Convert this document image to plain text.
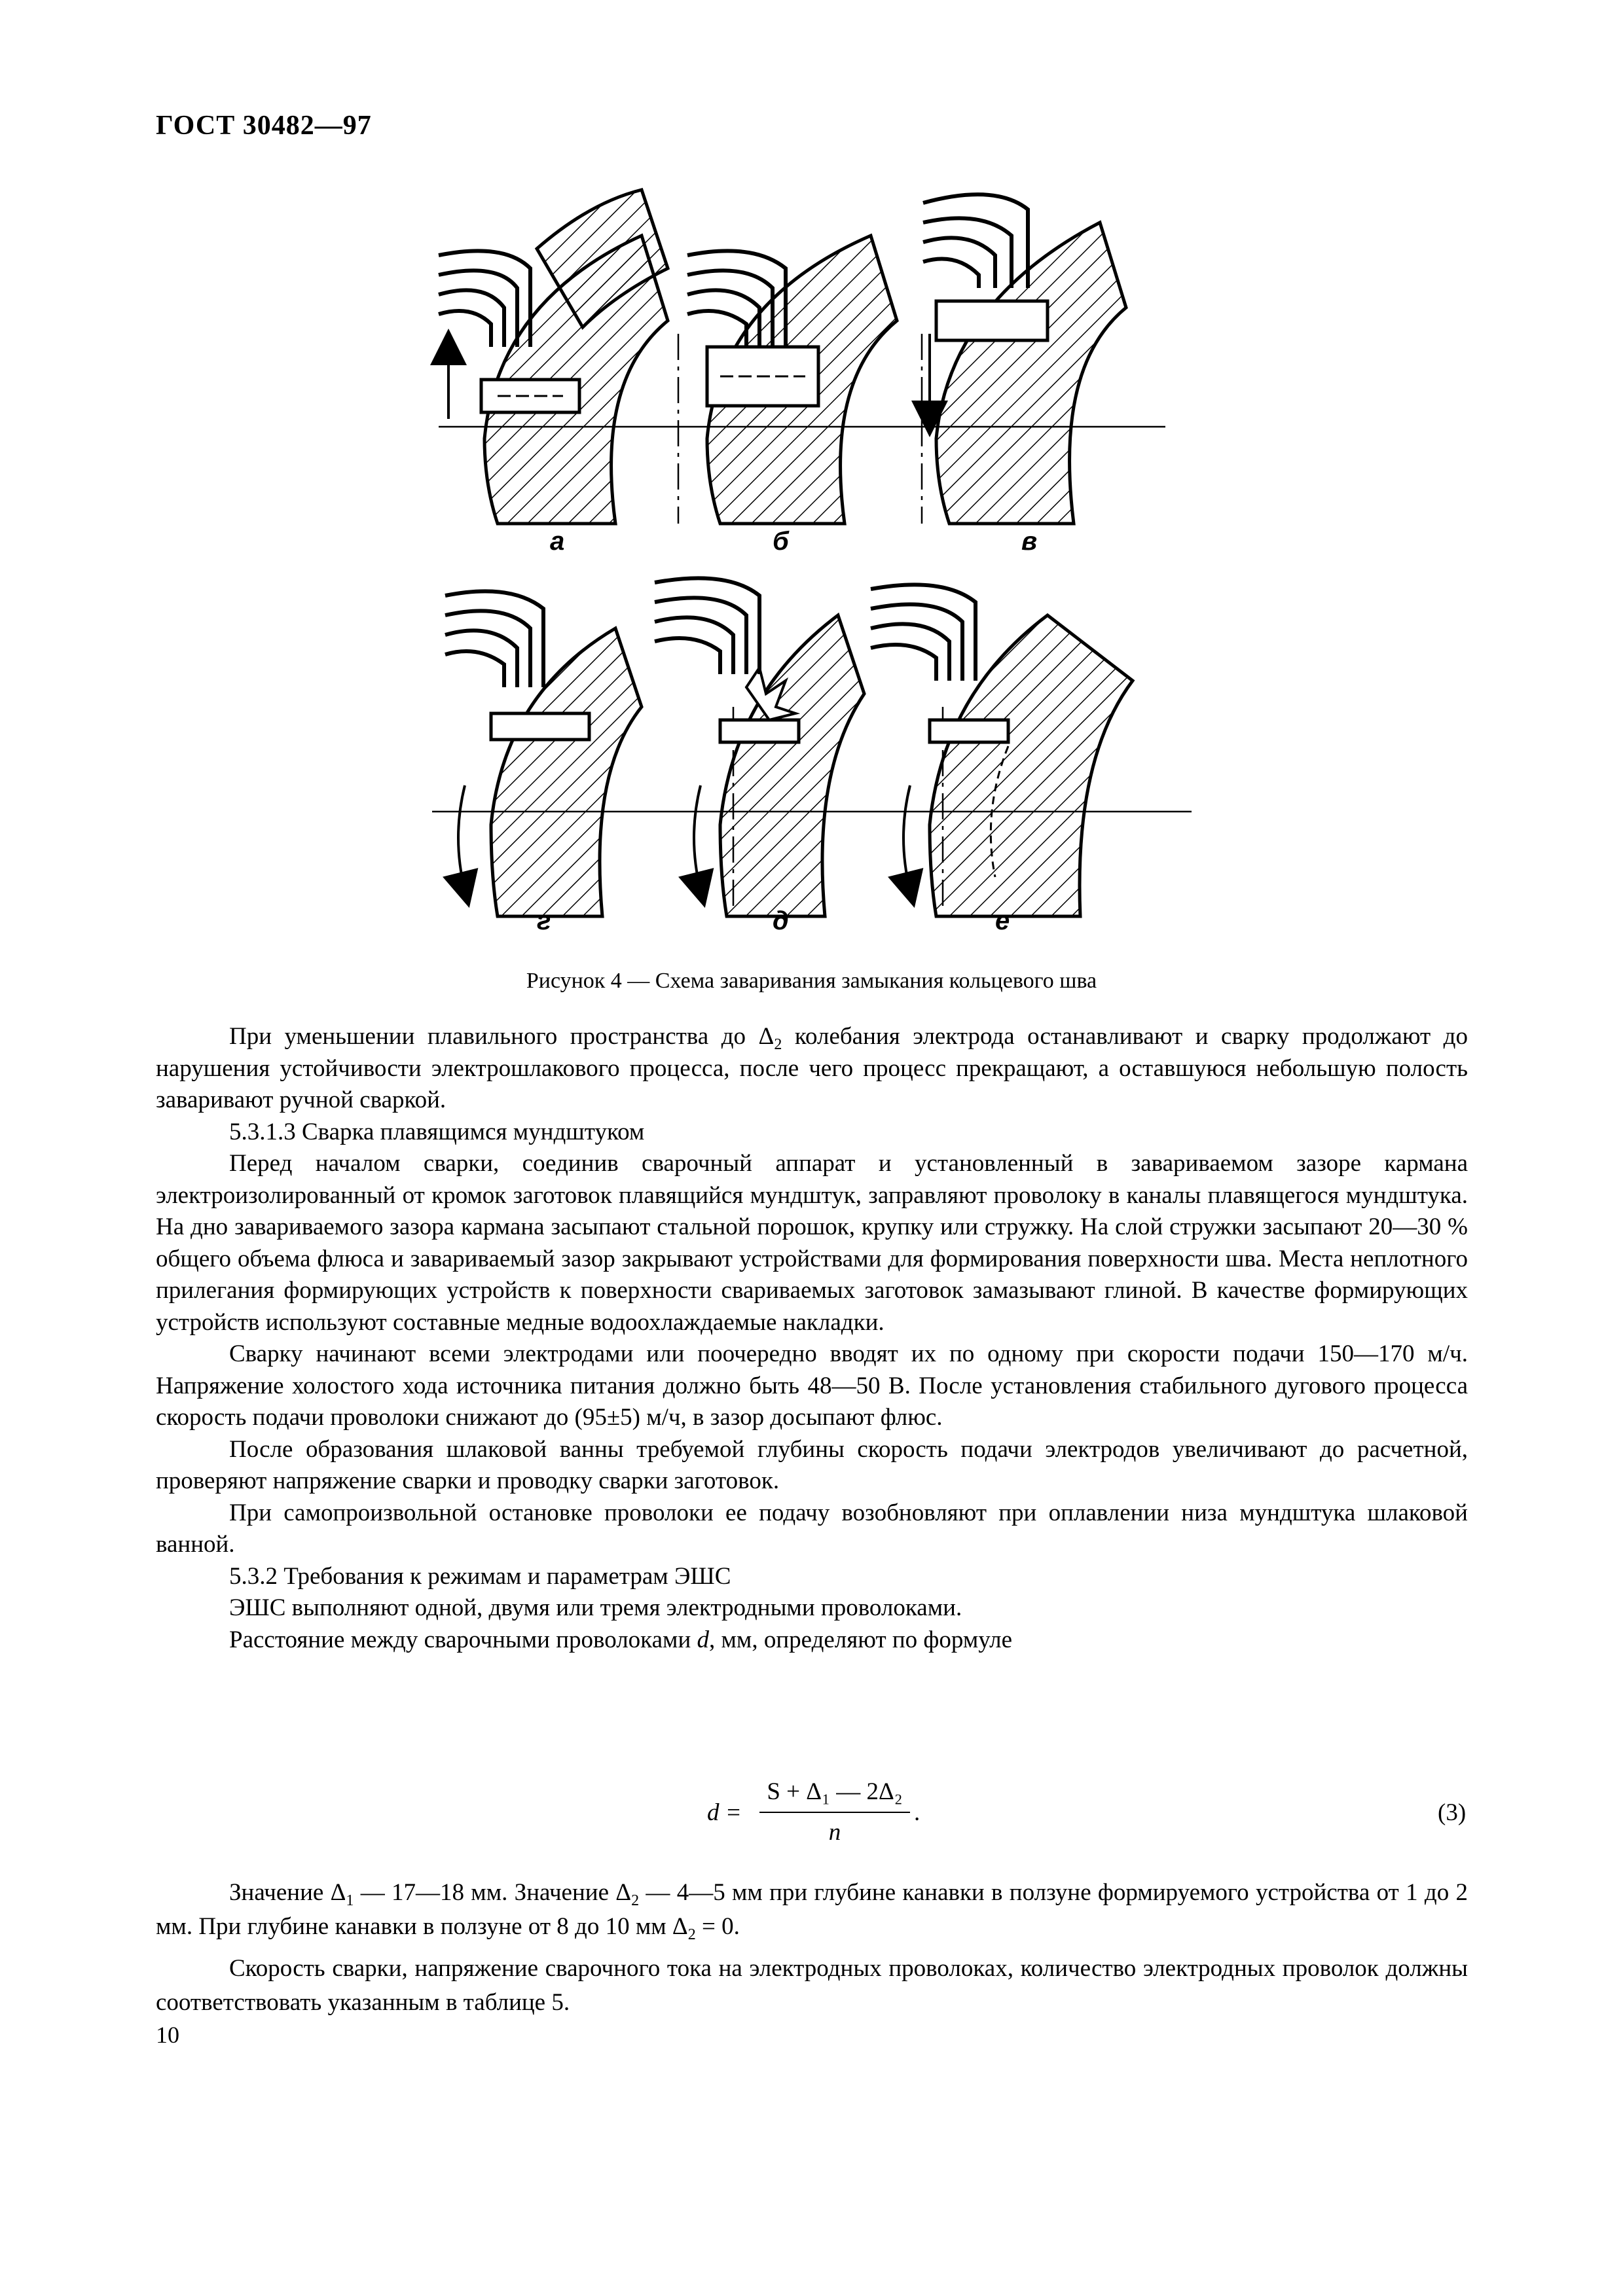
ГОСТ 30482—97
а	б	в
г	д	е
Рисунок 4 — Схема заваривания замыкания кольцевого шва

При уменьшении плавильного пространства до $\Delta_2$ колебания электрода останавливают и сварку продолжают до нарушения устойчивости электрошлакового процесса, после чего процесс прекращают, а оставшуюся небольшую полость заваривают ручной сваркой.

5.3.1.3 Сварка плавящимся мундштуком

Перед началом сварки, соединив сварочный аппарат и установленный в завариваемом зазоре кармана электроизолированный от кромок заготовок плавящийся мундштук, заправляют проволоку в каналы плавящегося мундштука. На дно завариваемого зазора кармана засыпают стальной порошок, крупку или стружку. На слой стружки засыпают 20—30 % общего объема флюса и завариваемый зазор закрывают устройствами для формирования поверхности шва. Места неплотного прилегания формирующих устройств к поверхности свариваемых заготовок замазывают глиной. В качестве формирующих устройств используют составные медные водоохлаждаемые накладки.

Сварку начинают всеми электродами или поочередно вводят их по одному при скорости подачи 150—170 м/ч. Напряжение холостого хода источника питания должно быть 48—50 В. После установления стабильного дугового процесса скорость подачи проволоки снижают до (95±5) м/ч, в зазор досыпают флюс.

После образования шлаковой ванны требуемой глубины скорость подачи электродов увеличивают до расчетной, проверяют напряжение сварки и проводку сварки заготовок.

При самопроизвольной остановке проволоки ее подачу возобновляют при оплавлении низа мундштука шлаковой ванной.

5.3.2 Требования к режимам и параметрам ЭШС

ЭШС выполняют одной, двумя или тремя электродными проволоками.

Расстояние между сварочными проволоками d, мм, определяют по формуле

d =
S + Δ₁ — 2Δ₂
n
.	(3)

Значение $\Delta_1$ — 17—18 мм. Значение $\Delta_2$ — 4—5 мм при глубине канавки в ползуне формируемого устройства от 1 до 2 мм. При глубине канавки в ползуне от 8 до 10 мм $\Delta_2 = 0$.

Скорость сварки, напряжение сварочного тока на электродных проволоках, количество электродных проволок должны соответствовать указанным в таблице 5.

10
